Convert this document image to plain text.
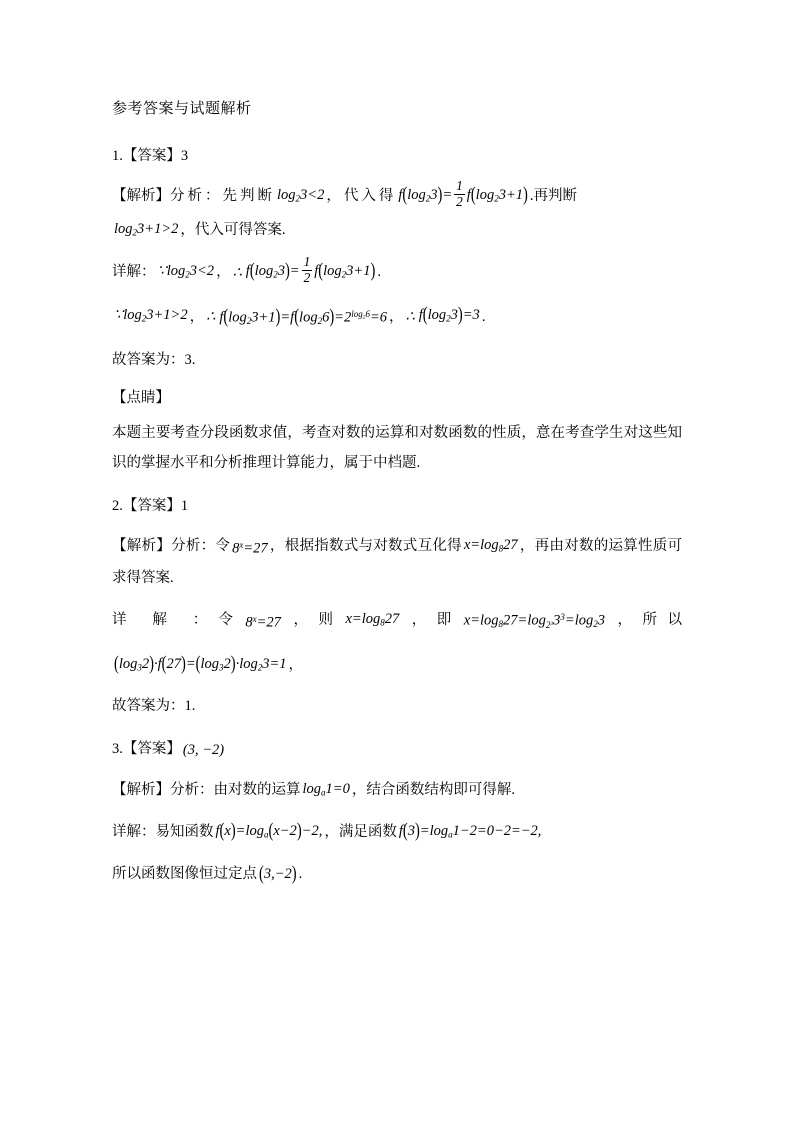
参考答案与试题解析
1.【答案】3
【解析】分析：先判断 $\log_23<2$ ，代入得 $f(\log_23)= \frac{1}{2} f(\log_23+1)$ .再判断
$\log_23+1>2$ ，代入可得答案.
详解： $\because\log_23<2$ ， ∴ $f(\log_23)= \frac{1}{2} f(\log_23+1)$ .
$\because\log_23+1>2$ ， ∴ $f(\log_23+1)=f(\log_26)=2^{log_26}=6$ ， ∴ $f(\log_23)=3$ .
故答案为：3.
【点睛】
本题主要考查分段函数求值，考查对数的运算和对数函数的性质，意在考查学生对这些知识的掌握水平和分析推理计算能力，属于中档题.
2.【答案】1
【解析】分析：令 $8^x=27$ ，根据指数式与对数式互化得 $x=\log_827$ ，再由对数的运算性质可求得答案.
详 解 ：令 $8^x=27$ ，则 $x=\log_827$ ，即 $x=\log_827=\log_{2^3}3^3=\log_23$ ，所以
$(\log_32)\cdot f(27)=(\log_32)\cdot\log_23=1$ ，
故答案为：1.
3.【答案】 (3, −2)
【解析】分析：由对数的运算 $\log_a1=0$ ，结合函数结构即可得解.
详解：易知函数 $f(x)=\log_a(x-2)-2$, ，满足函数 $f(3)=\log_a1-2=0-2=-2$,
所以函数图像恒过定点 (3,−2) .
